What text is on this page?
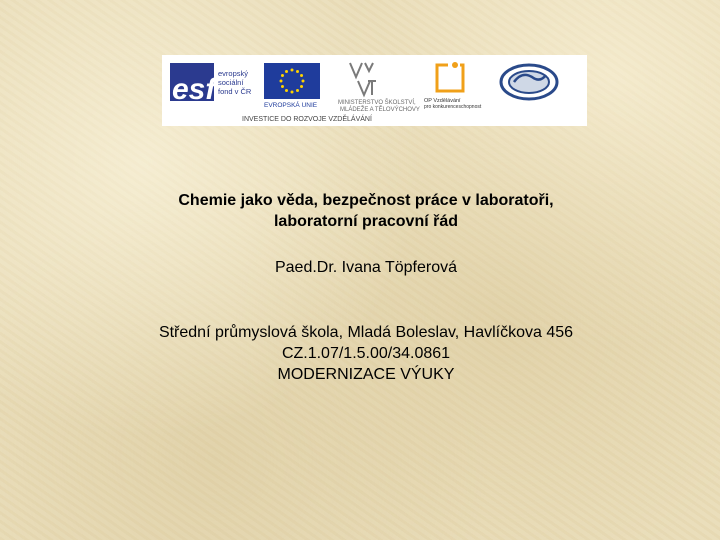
esf evropský
sociální
fond v ČR
EVROPSKÁ UNIE	MINISTERSTVO ŠKOLSTVÍ,
MLÁDEŽE A TĚLOVÝCHOVY
OP Vzdělávání
pro konkurenceschopnost
INVESTICE DO ROZVOJE VZDĚLÁVÁNÍ
Chemie jako věda, bezpečnost práce v laboratoři,
laboratorní pracovní řád
Paed.Dr. Ivana Töpferová
Střední průmyslová škola, Mladá Boleslav, Havlíčkova 456
CZ.1.07/1.5.00/34.0861
MODERNIZACE VÝUKY
